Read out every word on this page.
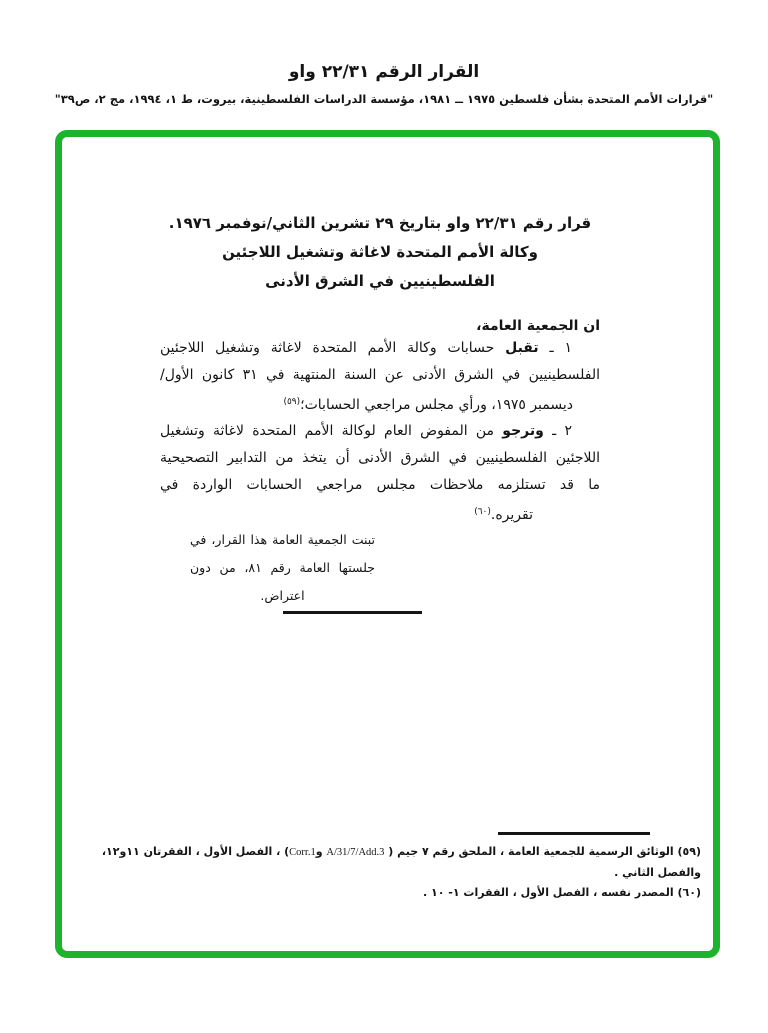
القرار الرقم ٢٢/٣١ واو
"قرارات الأمم المتحدة بشأن فلسطين ١٩٧٥ ــ ١٩٨١، مؤسسة الدراسات الفلسطينية، بيروت، ط ١، ١٩٩٤، مج ٢، ص٣٩"
قرار رقم ٢٢/٣١ واو بتاريخ ٢٩ تشرين الثاني/نوفمبر ١٩٧٦.
وكالة الأمم المتحدة لاغاثة وتشغيل اللاجئين
الفلسطينيين في الشرق الأدنى
ان الجمعية العامة،
١ ـ تقبل حسابات وكالة الأمم المتحدة لاغاثة وتشغيل اللاجئين
الفلسطينيين في الشرق الأدنى عن السنة المنتهية في ٣١ كانون الأول/
ديسمبر ١٩٧٥، ورأي مجلس مراجعي الحسابات؛$^{(٥٩)}$
٢ ـ وترجو من المفوض العام لوكالة الأمم المتحدة لاغاثة وتشغيل
اللاجئين الفلسطينيين في الشرق الأدنى أن يتخذ من التدابير التصحيحية
ما قد تستلزمه ملاحظات مجلس مراجعي الحسابات الواردة في
تقريره.$^{(٦٠)}$
تبنت الجمعية العامة هذا القرار، في
جلستها العامة رقم ٨١، من دون
اعتراض.
(٥٩) الوثائق الرسمية للجمعية العامة ، الملحق رقم ٧ جيم ( A/31/7/Add.3 وCorr.1) ، الفصل الأول ، الفقرتان ١١و١٢، والفصل الثاني .
(٦٠) المصدر نفسه ، الفصل الأول ، الفقرات ١- ١٠ .
